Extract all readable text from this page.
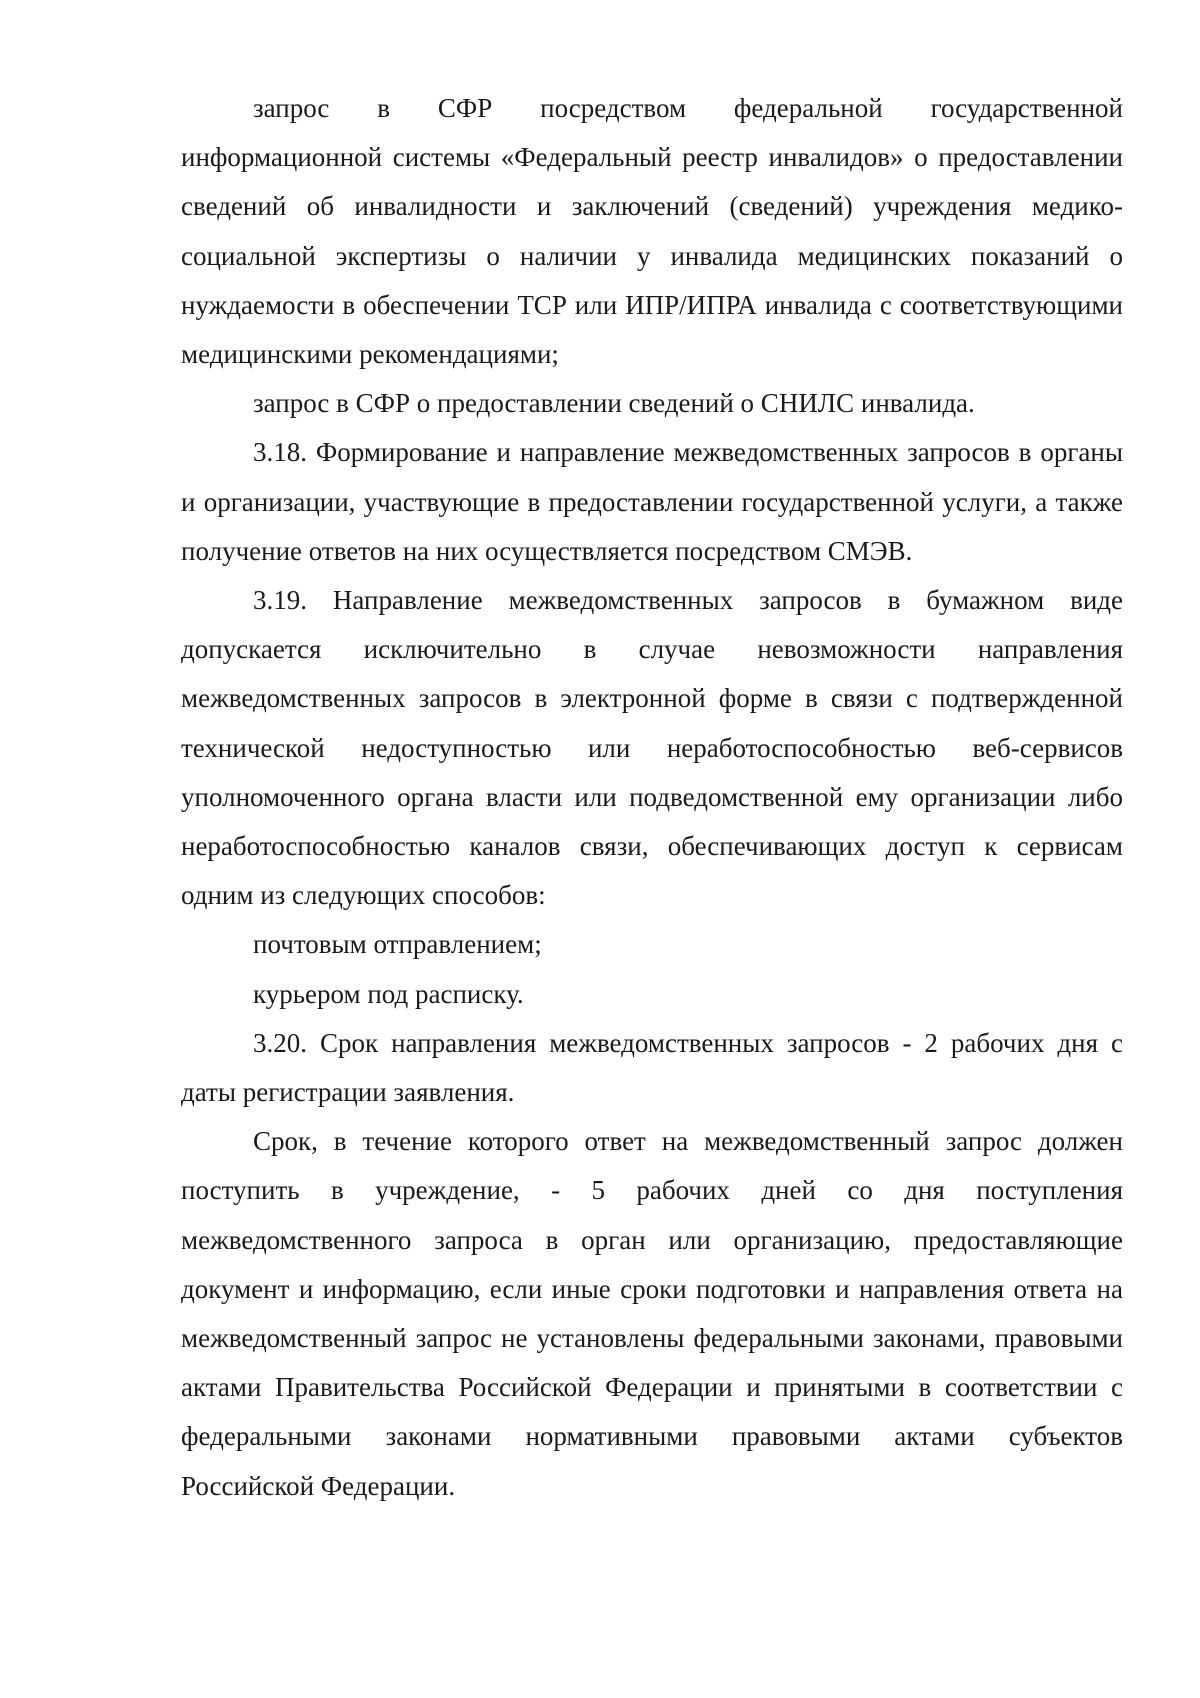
запрос в СФР посредством федеральной государственной информационной системы «Федеральный реестр инвалидов» о предоставлении сведений об инвалидности и заключений (сведений) учреждения медико-социальной экспертизы о наличии у инвалида медицинских показаний о нуждаемости в обеспечении ТСР или ИПР/ИПРА инвалида с соответствующими медицинскими рекомендациями;

запрос в СФР о предоставлении сведений о СНИЛС инвалида.

3.18. Формирование и направление межведомственных запросов в органы и организации, участвующие в предоставлении государственной услуги, а также получение ответов на них осуществляется посредством СМЭВ.

3.19. Направление межведомственных запросов в бумажном виде допускается исключительно в случае невозможности направления межведомственных запросов в электронной форме в связи с подтвержденной технической недоступностью или неработоспособностью веб-сервисов уполномоченного органа власти или подведомственной ему организации либо неработоспособностью каналов связи, обеспечивающих доступ к сервисам одним из следующих способов:

почтовым отправлением;

курьером под расписку.

3.20. Срок направления межведомственных запросов - 2 рабочих дня с даты регистрации заявления.

Срок, в течение которого ответ на межведомственный запрос должен поступить в учреждение, - 5 рабочих дней со дня поступления межведомственного запроса в орган или организацию, предоставляющие документ и информацию, если иные сроки подготовки и направления ответа на межведомственный запрос не установлены федеральными законами, правовыми актами Правительства Российской Федерации и принятыми в соответствии с федеральными законами нормативными правовыми актами субъектов Российской Федерации.
